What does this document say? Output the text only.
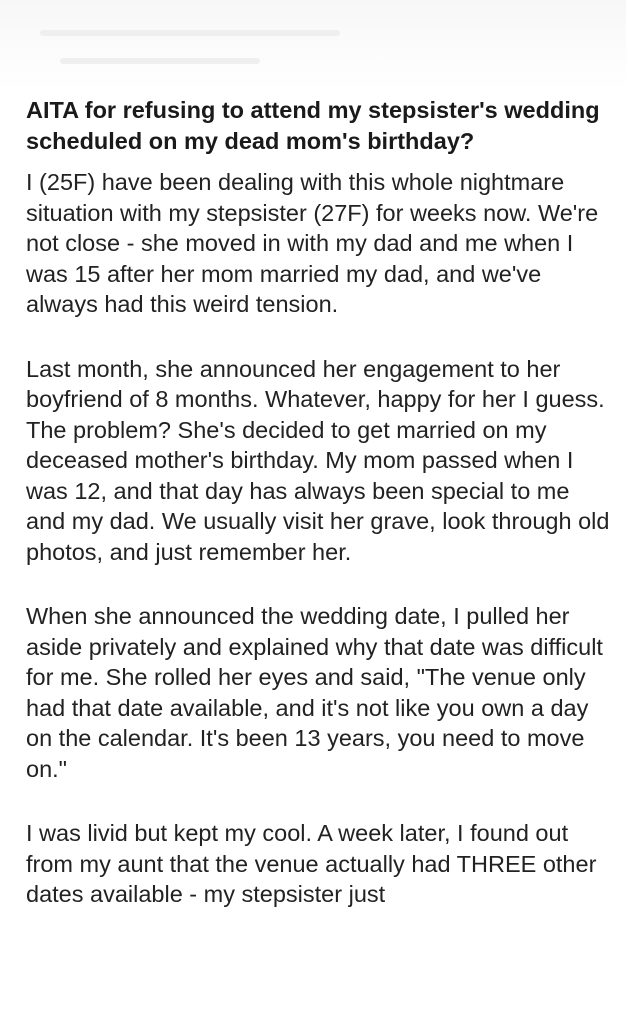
AITA for refusing to attend my stepsister's wedding scheduled on my dead mom's birthday?

I (25F) have been dealing with this whole nightmare situation with my stepsister (27F) for weeks now. We're not close - she moved in with my dad and me when I was 15 after her mom married my dad, and we've always had this weird tension.

Last month, she announced her engagement to her boyfriend of 8 months. Whatever, happy for her I guess. The problem? She's decided to get married on my deceased mother's birthday. My mom passed when I was 12, and that day has always been special to me and my dad. We usually visit her grave, look through old photos, and just remember her.

When she announced the wedding date, I pulled her aside privately and explained why that date was difficult for me. She rolled her eyes and said, "The venue only had that date available, and it's not like you own a day on the calendar. It's been 13 years, you need to move on."

I was livid but kept my cool. A week later, I found out from my aunt that the venue actually had THREE other dates available - my stepsister just
